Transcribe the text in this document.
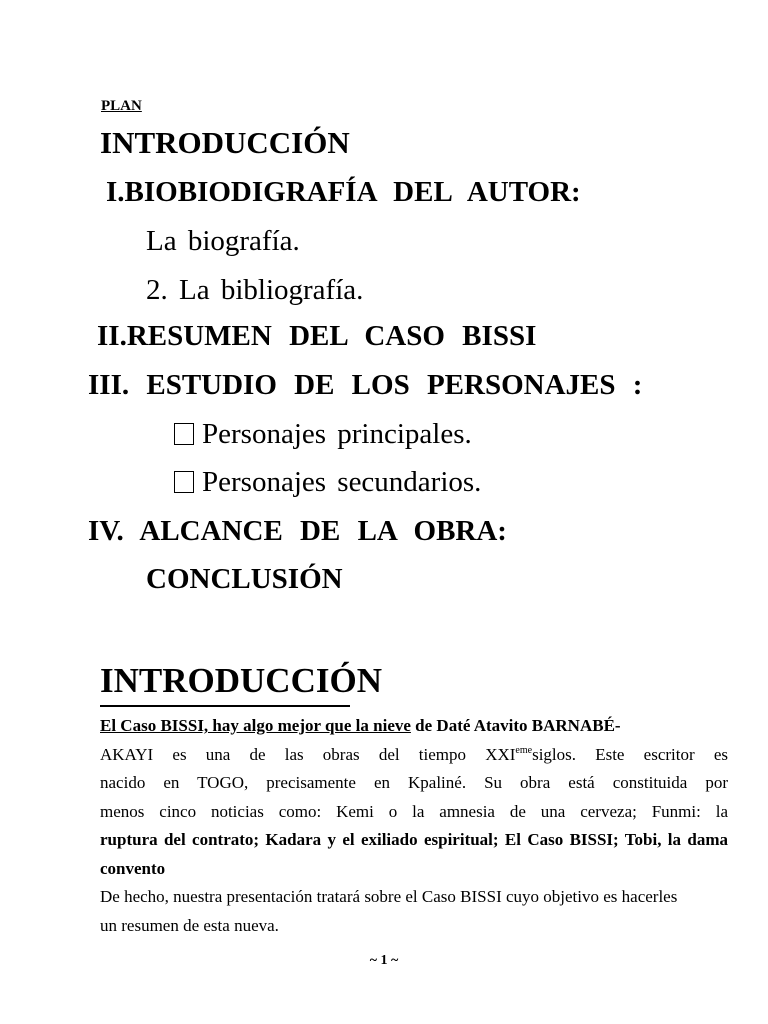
PLAN
INTRODUCCIÓN
I.BIOBIODIGRAFÍA DEL AUTOR:
La biografía.
2. La bibliografía.
II.RESUMEN DEL CASO BISSI
III. ESTUDIO DE LOS PERSONAJES :
Personajes principales.
Personajes secundarios.
IV. ALCANCE DE LA OBRA:
CONCLUSIÓN
INTRODUCCIÓN

El Caso BISSI, hay algo mejor que la nieve de Daté Atavito BARNABÉ-

AKAYI es una de las obras del tiempo XXIemesiglos. Este escritor es

nacido en TOGO, precisamente en Kpaliné. Su obra está constituida por

menos cinco noticias como: Kemi o la amnesia de una cerveza; Funmi: la

ruptura del contrato; Kadara y el exiliado espiritual; El Caso BISSI; Tobi, la dama

convento

De hecho, nuestra presentación tratará sobre el Caso BISSI cuyo objetivo es hacerles

un resumen de esta nueva.

~ 1 ~
